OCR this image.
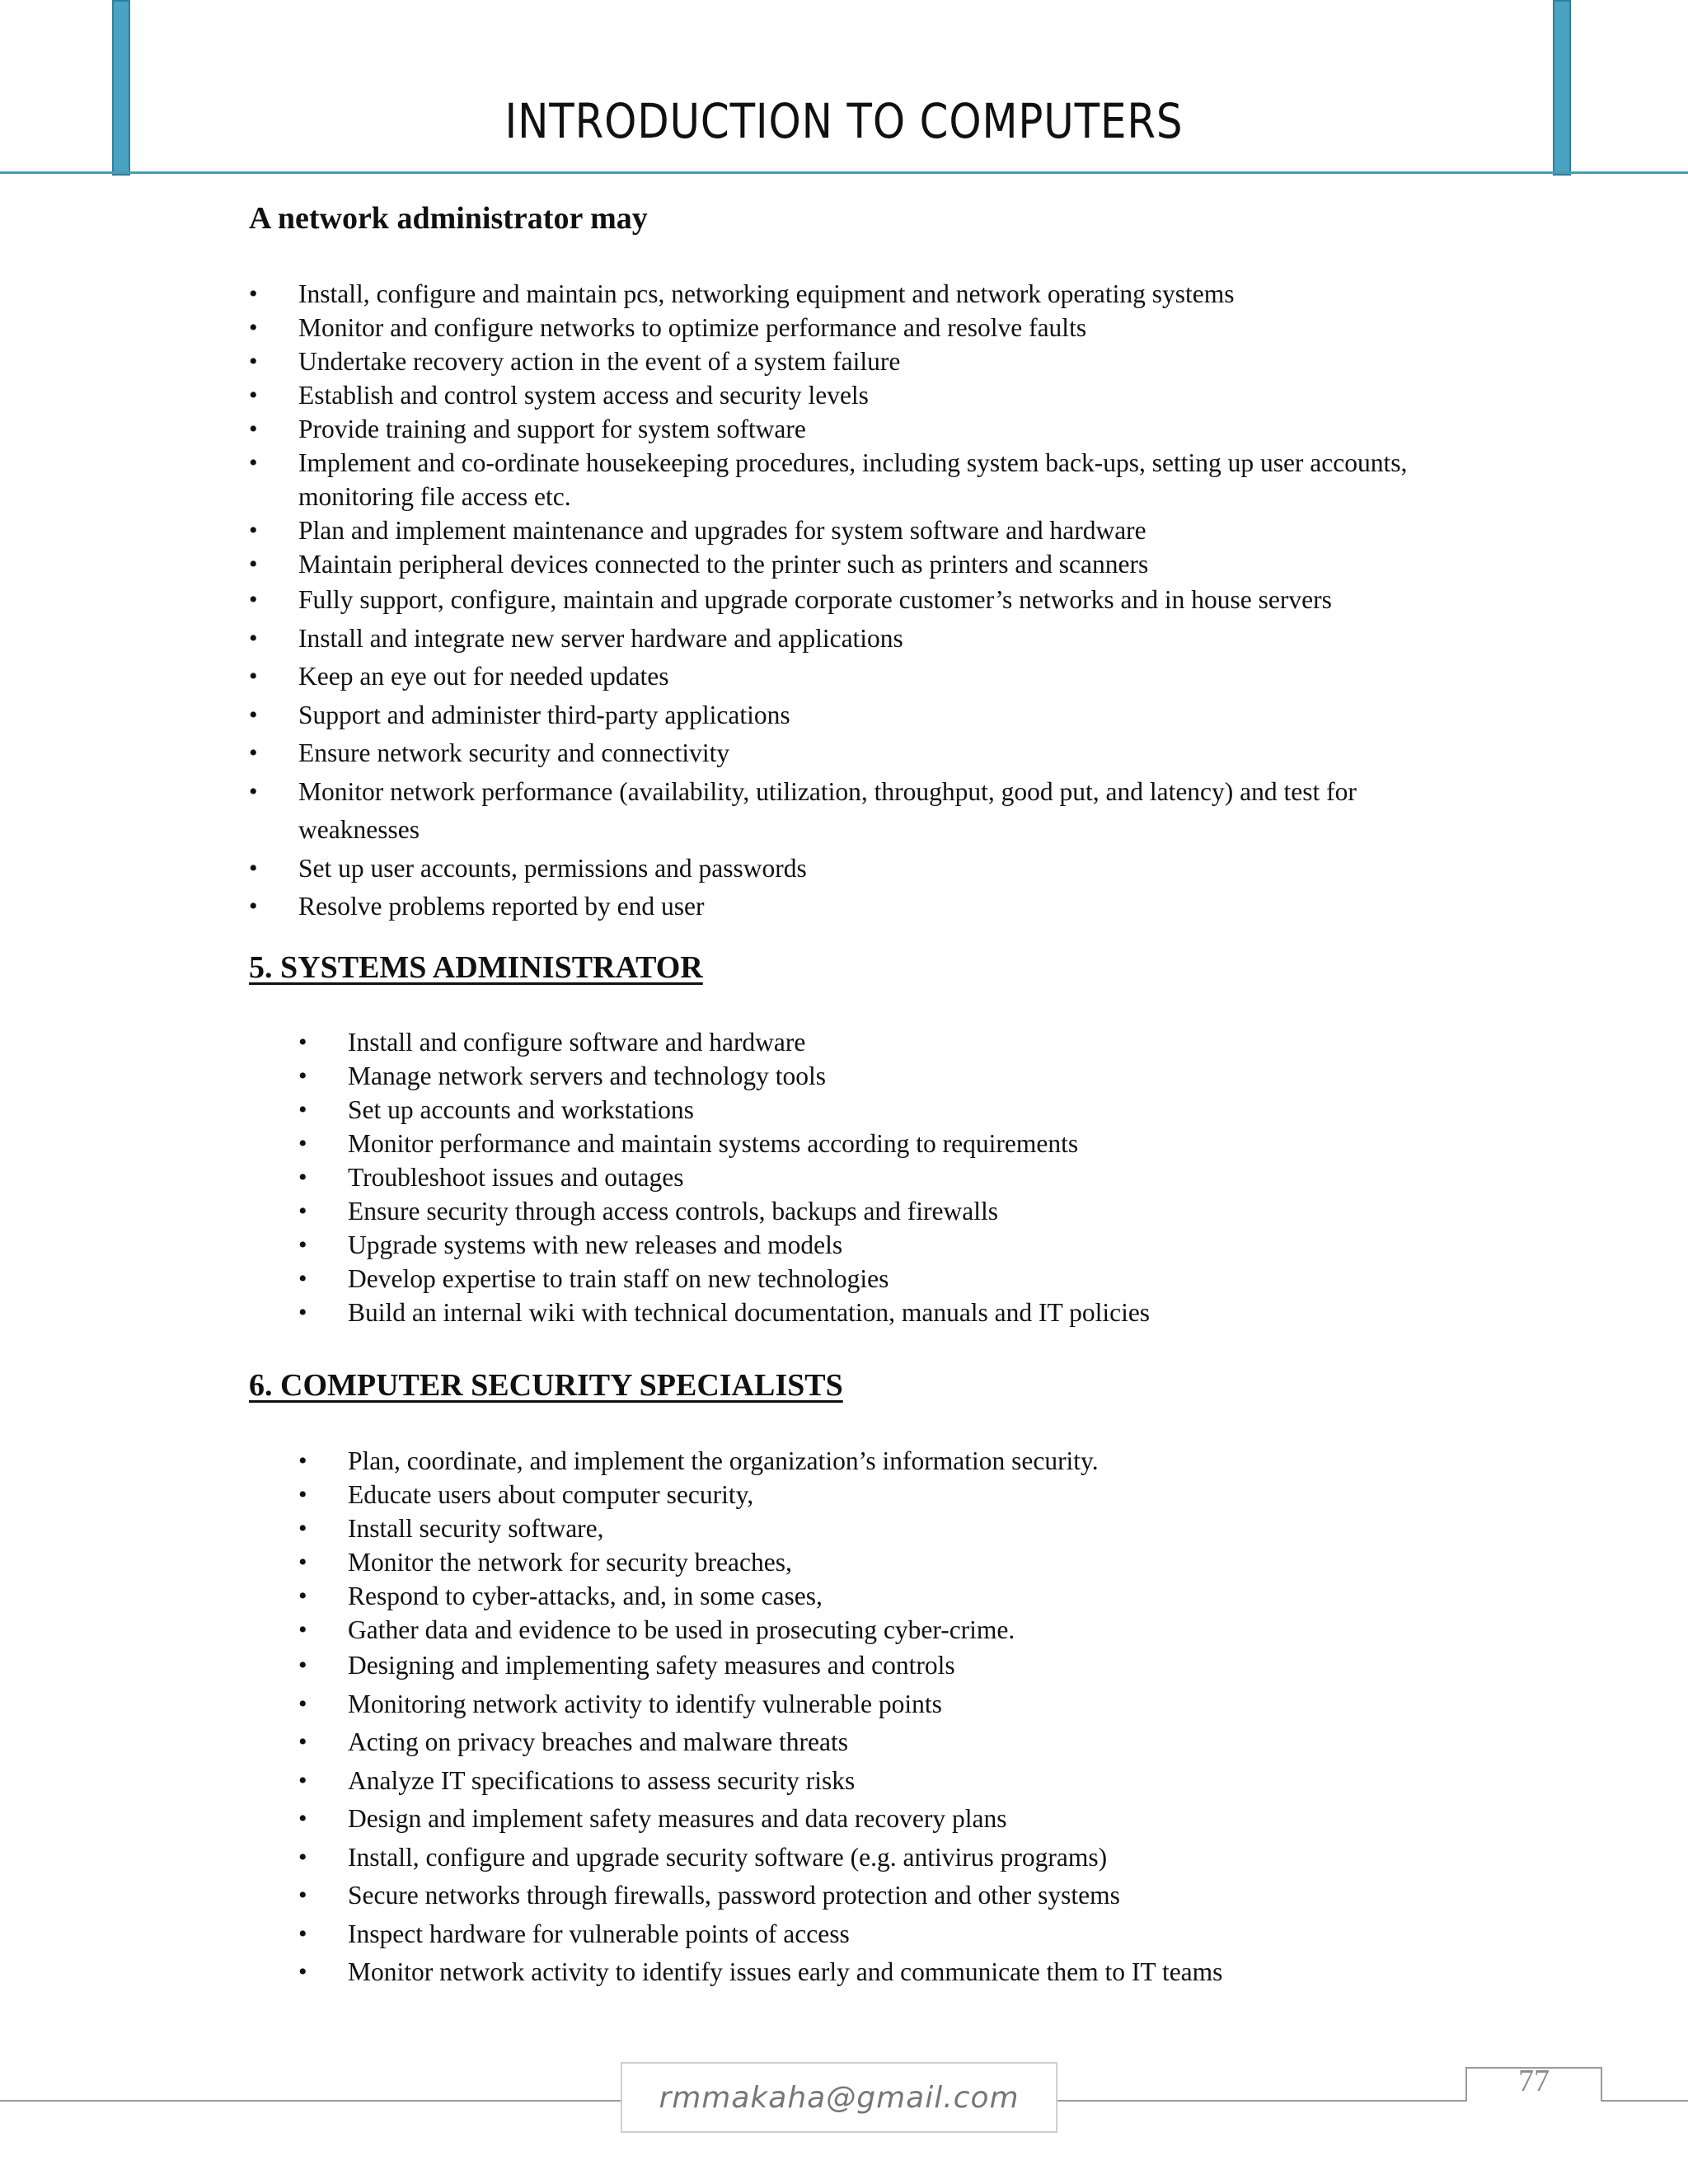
INTRODUCTION TO COMPUTERS
A network administrator may
• Install, configure and maintain pcs, networking equipment and network operating systems
• Monitor and configure networks to optimize performance and resolve faults
• Undertake recovery action in the event of a system failure
• Establish and control system access and security levels
• Provide training and support for system software
• Implement and co-ordinate housekeeping procedures, including system back-ups, setting up user accounts, monitoring file access etc.
• Plan and implement maintenance and upgrades for system software and hardware
• Maintain peripheral devices connected to the printer such as printers and scanners
• Fully support, configure, maintain and upgrade corporate customer’s networks and in house servers
• Install and integrate new server hardware and applications
• Keep an eye out for needed updates
• Support and administer third-party applications
• Ensure network security and connectivity
• Monitor network performance (availability, utilization, throughput, good put, and latency) and test for weaknesses
• Set up user accounts, permissions and passwords
• Resolve problems reported by end user
5. SYSTEMS ADMINISTRATOR
• Install and configure software and hardware
• Manage network servers and technology tools
• Set up accounts and workstations
• Monitor performance and maintain systems according to requirements
• Troubleshoot issues and outages
• Ensure security through access controls, backups and firewalls
• Upgrade systems with new releases and models
• Develop expertise to train staff on new technologies
• Build an internal wiki with technical documentation, manuals and IT policies
6. COMPUTER SECURITY SPECIALISTS
• Plan, coordinate, and implement the organization’s information security.
• Educate users about computer security,
• Install security software,
• Monitor the network for security breaches,
• Respond to cyber-attacks, and, in some cases,
• Gather data and evidence to be used in prosecuting cyber-crime.
• Designing and implementing safety measures and controls
• Monitoring network activity to identify vulnerable points
• Acting on privacy breaches and malware threats
• Analyze IT specifications to assess security risks
• Design and implement safety measures and data recovery plans
• Install, configure and upgrade security software (e.g. antivirus programs)
• Secure networks through firewalls, password protection and other systems
• Inspect hardware for vulnerable points of access
• Monitor network activity to identify issues early and communicate them to IT teams
rmmakaha@gmail.com	77
